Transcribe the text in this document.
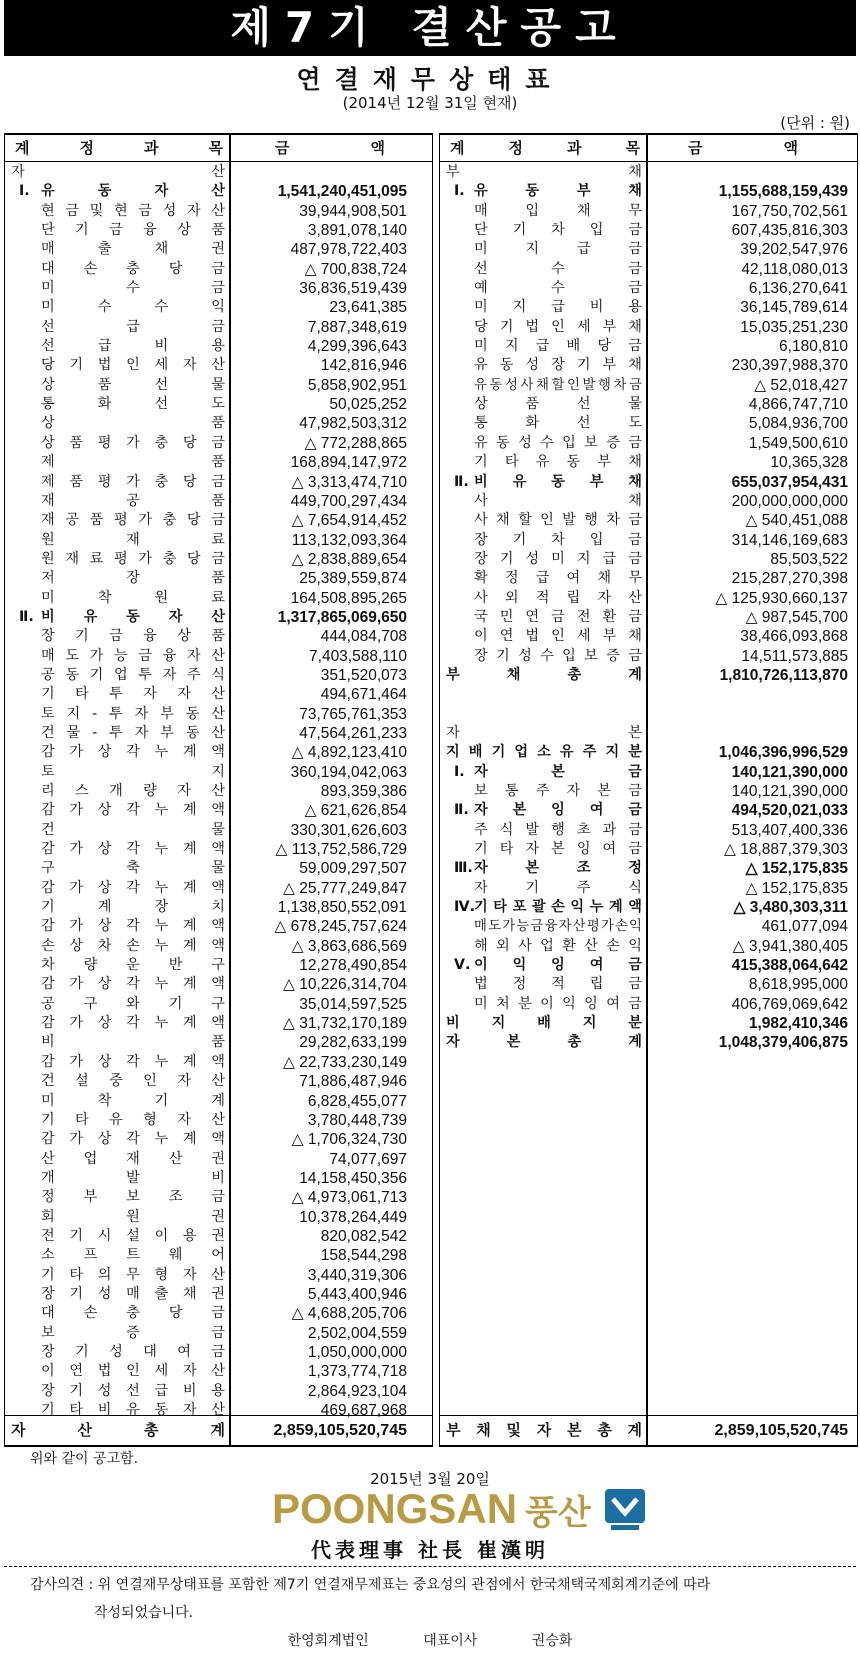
제7기 결산공고
연결재무상태표
(2014년 12월 31일 현재)
(단위 : 원)
계	정	과	목	금	액
자	산
Ⅰ. 유	동	자	산	1,541,240,451,095
현 금 및 현 금 성 자 산	39,944,908,501
단 기 금 융 상 품	3,891,078,140
매	출	채	권	487,978,722,403
대 손 충 당 금	△ 700,838,724
미	수	금	36,836,519,439
미	수	수	익	23,641,385
선	급	금	7,887,348,619
선	급	비	용	4,299,396,643
당 기 법 인 세 자 산	142,816,946
상	품	선	물	5,858,902,951
통	화	선	도	50,025,252
상	품	47,982,503,312
상 품 평 가 충 당 금	△ 772,288,865
제	품	168,894,147,972
제 품 평 가 충 당 금	△ 3,313,474,710
재	공	품	449,700,297,434
재 공 품 평 가 충 당 금	△ 7,654,914,452
원	재	료	113,132,093,364
원 재 료 평 가 충 당 금	△ 2,838,889,654
저	장	품	25,389,559,874
미	착	원	료	164,508,895,265
Ⅱ. 비 유 동 자 산	1,317,865,069,650
장 기 금 융 상 품	444,084,708
매 도 가 능 금 융 자 산	7,403,588,110
공 동 기 업 투 자 주 식	351,520,073
기 타 투 자 자 산	494,671,464
토 지 - 투 자 부 동 산	73,765,761,353
건 물 - 투 자 부 동 산	47,564,261,233
감 가 상 각 누 계 액	△ 4,892,123,410
토	지	360,194,042,063
리 스 개 량 자 산	893,359,386
감 가 상 각 누 계 액	△ 621,626,854
건	물	330,301,626,603
감 가 상 각 누 계 액	△ 113,752,586,729
구	축	물	59,009,297,507
감 가 상 각 누 계 액	△ 25,777,249,847
기	계	장	치	1,138,850,552,091
감 가 상 각 누 계 액	△ 678,245,757,624
손 상 차 손 누 계 액	△ 3,863,686,569
차 량 운 반 구	12,278,490,854
감 가 상 각 누 계 액	△ 10,226,314,704
공 구 와 기 구	35,014,597,525
감 가 상 각 누 계 액	△ 31,732,170,189
비	품	29,282,633,199
감 가 상 각 누 계 액	△ 22,733,230,149
건 설 중 인 자 산	71,886,487,946
미	착	기	계	6,828,455,077
기 타 유 형 자 산	3,780,448,739
감 가 상 각 누 계 액	△ 1,706,324,730
산 업 재 산 권	74,077,697
개	발	비	14,158,450,356
정 부 보 조 금	△ 4,973,061,713
회	원	권	10,378,264,449
전 기 시 설 이 용 권	820,082,542
소 프 트 웨 어	158,544,298
기 타 의 무 형 자 산	3,440,319,306
장 기 성 매 출 채 권	5,443,400,946
대 손 충 당 금	△ 4,688,205,706
보	증	금	2,502,004,559
장 기 성 대 여 금	1,050,000,000
이 연 법 인 세 자 산	1,373,774,718
장 기 성 선 급 비 용	2,864,923,104
기 타 비 유 동 자 산	469,687,968
자	산	총	계	2,859,105,520,745
계	정	과	목	금	액
부	채
Ⅰ. 유	동	부	채	1,155,688,159,439
매	입	채	무	167,750,702,561
단 기 차 입 금	607,435,816,303
미	지	급	금	39,202,547,976
선	수	금	42,118,080,013
예	수	금	6,136,270,641
미 지 급 비 용	36,145,789,614
당 기 법 인 세 부 채	15,035,251,230
미 지 급 배 당 금	6,180,810
유 동 성 장 기 부 채	230,397,988,370
유 동 성 사 채 할 인 발 행 차 금	△ 52,018,427
상	품	선	물	4,866,747,710
통	화	선	도	5,084,936,700
유 동 성 수 입 보 증 금	1,549,500,610
기 타 유 동 부 채	10,365,328
Ⅱ. 비 유 동 부 채	655,037,954,431
사	채	200,000,000,000
사 채 할 인 발 행 차 금	△ 540,451,088
장 기 차 입 금	314,146,169,683
장 기 성 미 지 급 금	85,503,522
확 정 급 여 채 무	215,287,270,398
사 외 적 립 자 산	△ 125,930,660,137
국 민 연 금 전 환 금	△ 987,545,700
이 연 법 인 세 부 채	38,466,093,868
장 기 성 수 입 보 증 금	14,511,573,885
부	채	총	계	1,810,726,113,870
자	본
지 배 기 업 소 유 주 지 분	1,046,396,996,529
Ⅰ. 자	본	금	140,121,390,000
보 통 주 자 본 금	140,121,390,000
Ⅱ. 자 본 잉 여 금	494,520,021,033
주 식 발 행 초 과 금	513,407,400,336
기 타 자 본 잉 여 금	△ 18,887,379,303
Ⅲ. 자	본	조	정	△ 152,175,835
자	기	주	식	△ 152,175,835
Ⅳ. 기 타 포 괄 손 익 누 계 액	△ 3,480,303,311
매 도 가 능 금 융 자 산 평 가 손 익	461,077,094
해 외 사 업 환 산 손 익	△ 3,941,380,405
Ⅴ. 이 익 잉 여 금	415,388,064,642
법 정 적 립 금	8,618,995,000
미 처 분 이 익 잉 여 금	406,769,069,642
비 지 배 지 분	1,982,410,346
자	본	총	계	1,048,379,406,875
부 채 및 자 본 총 계	2,859,105,520,745
위와 같이 공고함.
2015년 3월 20일
POONGSAN 풍산
代表理事 社長 崔漢明
감사의견 : 위 연결재무상태표를 포함한 제7기 연결재무제표는 중요성의 관점에서 한국채택국제회계기준에 따라
작성되었습니다.
한영회계법인	대표이사	권승화
